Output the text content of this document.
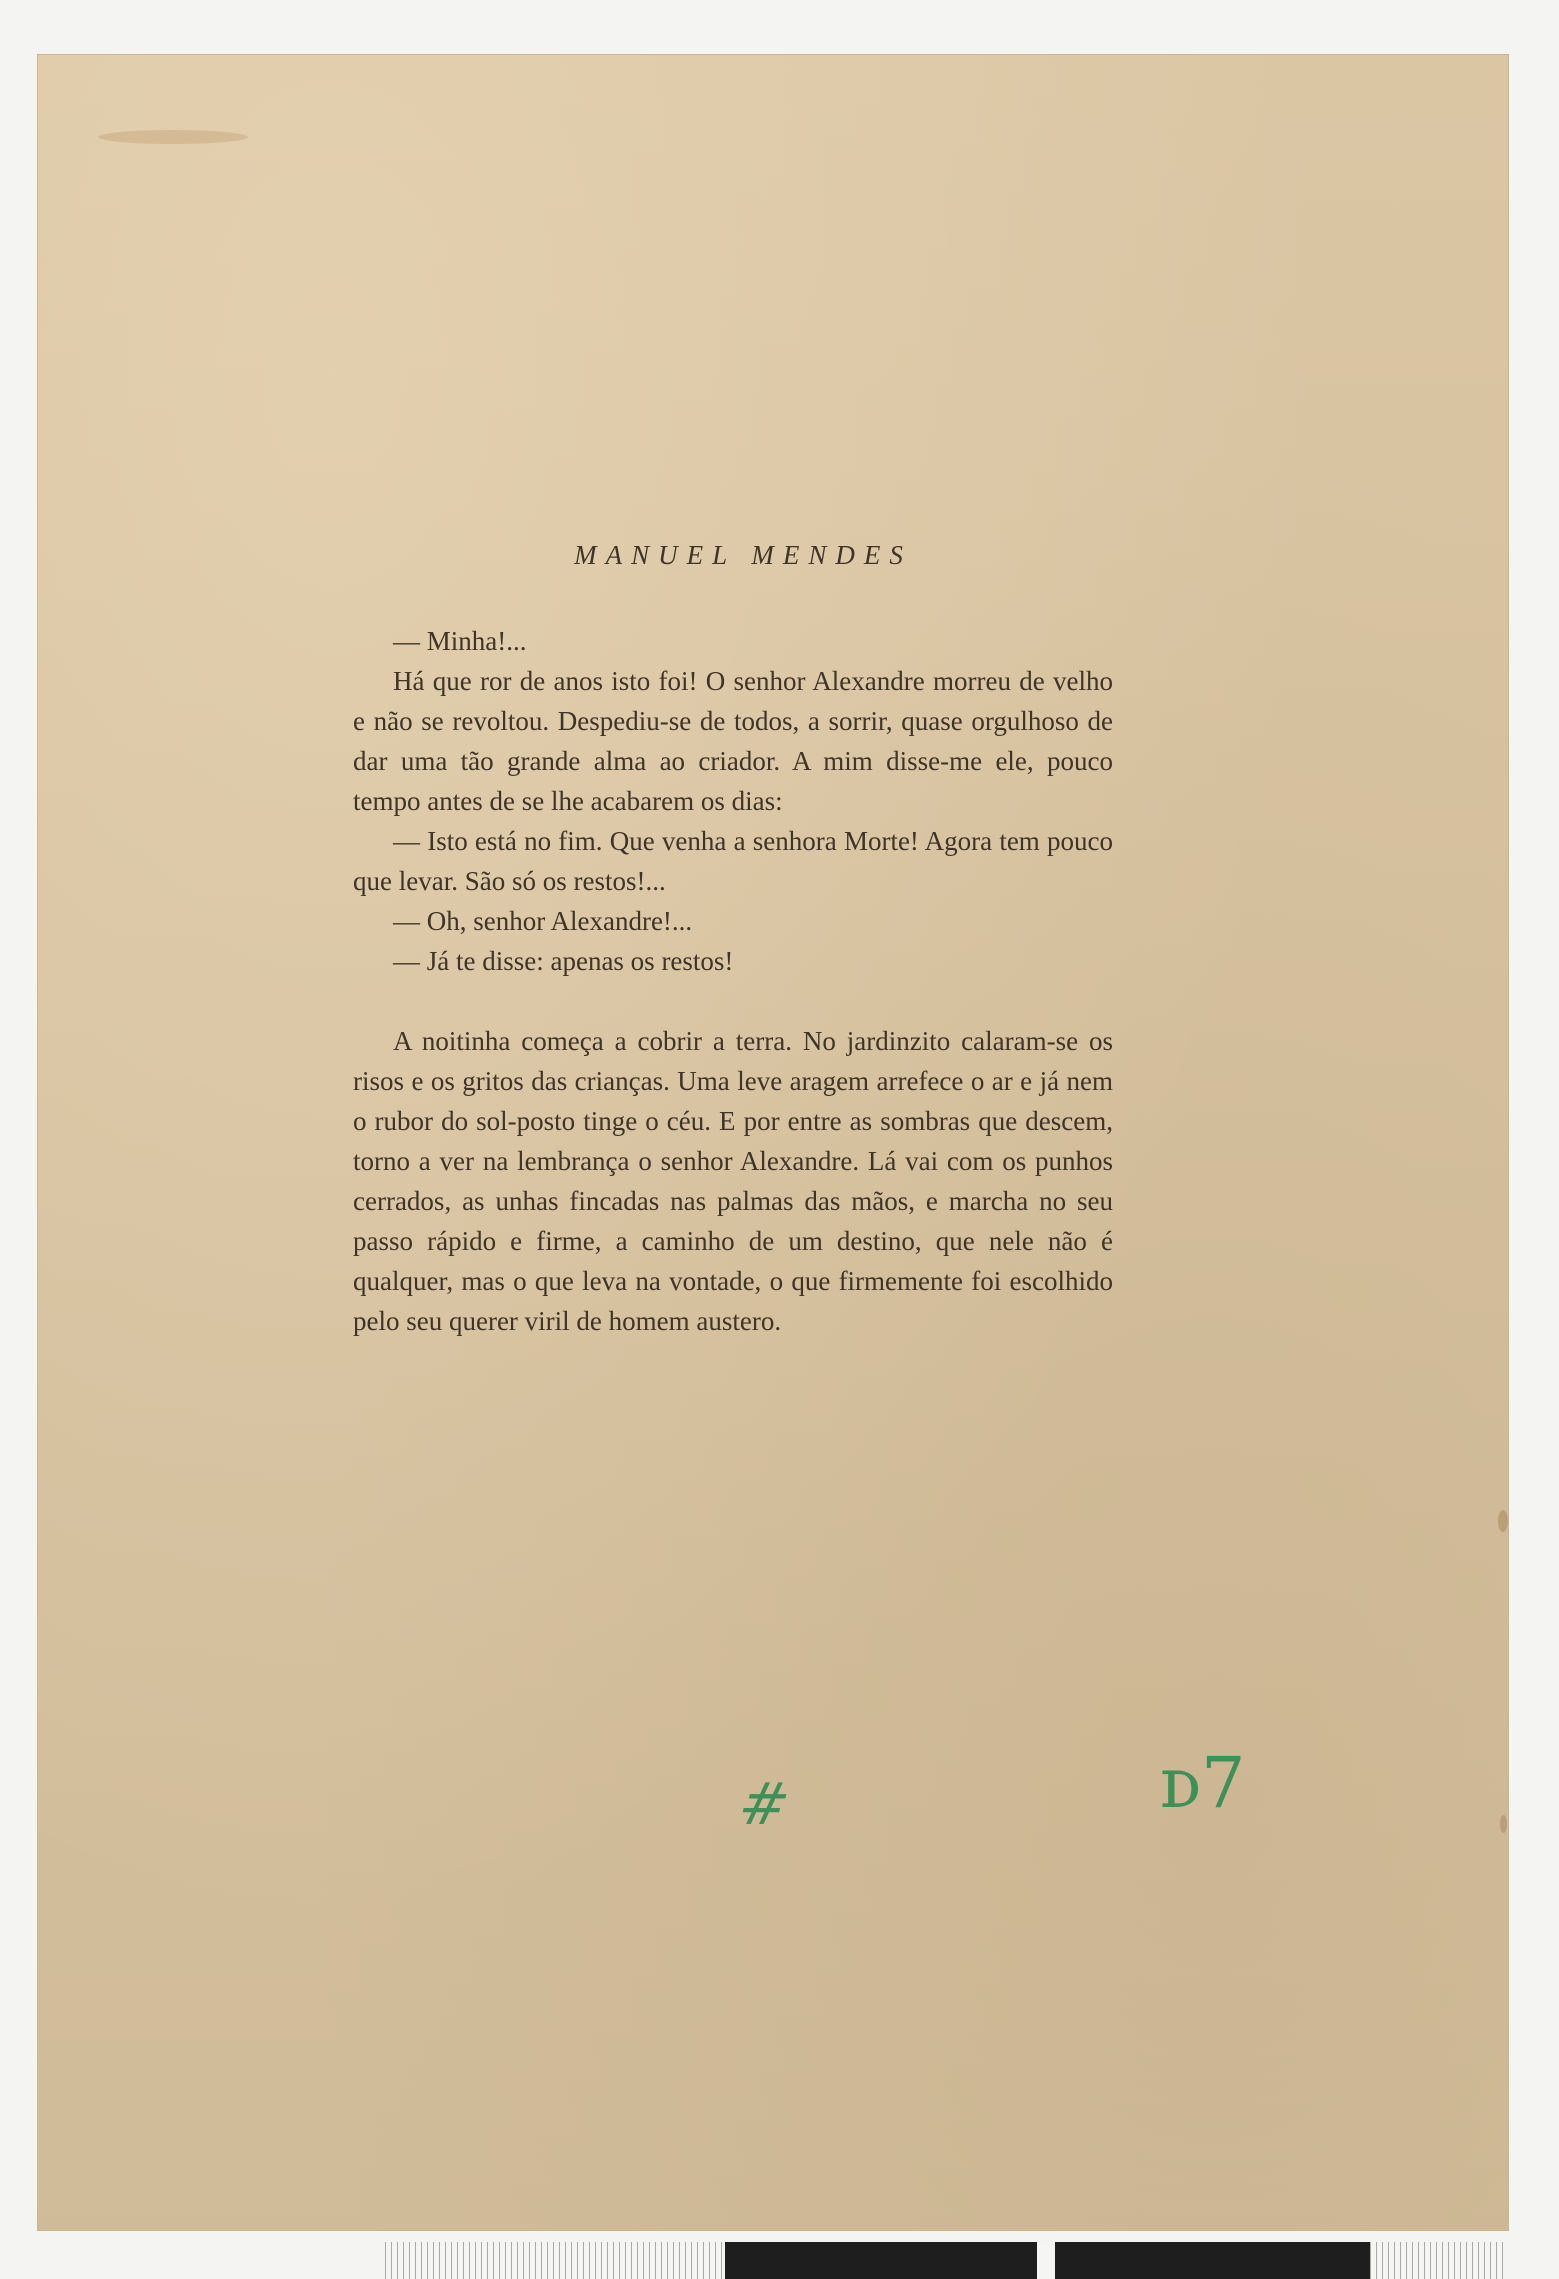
MANUEL MENDES

— Minha!...

Há que ror de anos isto foi! O senhor Alexandre morreu de velho e não se revoltou. Despediu-se de todos, a sorrir, quase orgulhoso de dar uma tão grande alma ao criador. A mim disse-me ele, pouco tempo antes de se lhe acabarem os dias:

— Isto está no fim. Que venha a senhora Morte! Agora tem pouco que levar. São só os restos!...

— Oh, senhor Alexandre!...

— Já te disse: apenas os restos!

A noitinha começa a cobrir a terra. No jardinzito calaram-se os risos e os gritos das crianças. Uma leve aragem arrefece o ar e já nem o rubor do sol-posto tinge o céu. E por entre as sombras que descem, torno a ver na lembrança o senhor Alexandre. Lá vai com os punhos cerrados, as unhas fincadas nas palmas das mãos, e marcha no seu passo rápido e firme, a caminho de um destino, que nele não é qualquer, mas o que leva na vontade, o que firmemente foi escolhido pelo seu querer viril de homem austero.

#	ᴅ7
